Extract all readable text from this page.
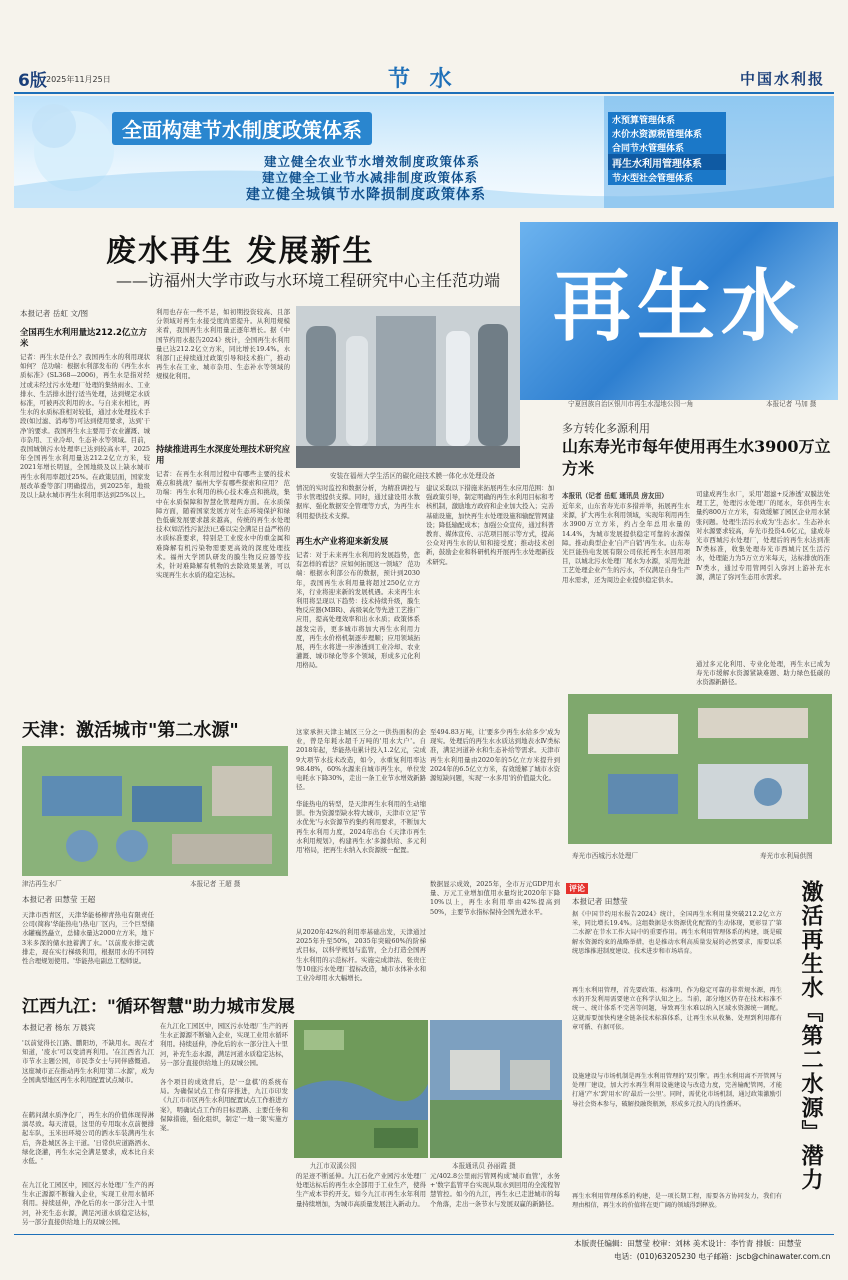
6版 2025年11月25日	节 水	中国水利报
全面构建节水制度政策体系
建立健全农业节水增效制度政策体系
建立健全工业节水减排制度政策体系
建立健全城镇节水降损制度政策体系
水预算管理体系
水价水资源税管理体系
合同节水管理体系
再生水利用管理体系
节水型社会管理体系
废水再生 发展新生
——访福州大学市政与水环境工程研究中心主任范功端 再生水
本报记者 岳虹 文/图
全国再生水利用量达212.2亿立方米
记者：再生水是什么？我国再生水的利用现状如何？ 范功端：根据水利部发布的《再生水水质标准》(SL368—2006)，再生水是指对经过或未经过污水处理厂处理的集纳雨水、工业排水、生活排水进行适当处理，达到规定水质标准，可被再次利用的水。与自来水相比，再生水的水质标准相对较低，通过水处理技术手段(如过滤、消毒等)可达到使用要求，达到'干净'的要求。我国再生水主要用于农业灌溉、城市杂用、工业冷却、生态补水等领域。目前，我国城镇污水处理率已达到较高水平，2025年全国再生水利用量达212.2亿立方米，较2021年增长明显，全国地级及以上缺水城市再生水利用率超过25%。在政策层面，国家发展改革委等部门明确提出，到2025年，地级及以上缺水城市再生水利用率达到25%以上。
利用也存在一些不足，如初期投资较高、且部分领域对再生水接受度尚需提升。从利用规模来看，我国再生水利用量正逐年增长。据《中国节约用水报告2024》统计，全国再生水利用量已达212.2亿立方米，同比增长19.4%。水利部门正持续通过政策引导和技术推广，推动再生水在工业、城市杂用、生态补水等领域的规模化利用。
持续推进再生水深度处理技术研究应用
记者：在再生水利用过程中有哪些主要的技术难点和挑战？福州大学有哪些探索和应用？ 范功端：再生水利用的核心技术难点和挑战，集中在水质保障和智慧化管理两方面。在水质保障方面，随着国家发展方对生态环境保护和绿色低碳发展要求越来越高，传统的再生水处理技术(如活性污泥法)已难以完全满足日益严格的水质标准要求，特别是工业废水中的重金属和难降解有机污染物需要更高效的深度处理技术。福州大学团队研发的膜生物反应器等技术，针对难降解有机物的去除效果显著，可以实现再生水水质的稳定达标。
安装在福州大学生活区的碳化硅技术膜一体化水处理设备
情况的实时监控和数据分析，为精准调控与节水管理提供支撑。同时，通过建设用水数据库、强化数据安全管理等方式，为再生水利用提供技术支撑。
再生水产业将迎来新发展
记者：对于未来再生水利用的发展趋势，您有怎样的看法？应如何拓展这一领域？ 范功端：根据水利部公布的数据，预计到2030年，我国再生水利用量将超过250亿立方米，行业将迎来新的发展机遇。未来再生水利用将呈现以下趋势：技术持续升级，膜生物反应器(MBR)、高级氧化等先进工艺推广应用，提高处理效率和出水水质；政策体系越发完善，更多城市将加大再生水利用力度，再生水价格机制逐步理顺；应用领域拓展，再生水将进一步渗透到工业冷却、农业灌溉、城市绿化等多个领域，形成多元化利用格局。
宁夏回族自治区银川市再生水湿地公园一角	本报记者 马加 摄
多方转化多源利用
山东寿光市每年使用再生水3900万立方米
建议采取以下措施来拓展再生水应用范围：加强政策引导，制定明确的再生水利用目标和考核机制，激励地方政府和企业加大投入；完善基础设施，加快再生水处理设施和输配管网建设；降低输配成本；加强公众宣传，通过科普教育、媒体宣传、示范项目展示等方式，提高公众对再生水的认知和接受度；推动技术创新，鼓励企业和科研机构开展再生水处理新技术研究。
本报讯（记者 岳虹 通讯员 房友田）
近年来，山东省寿光市多措并举，拓展再生水来源，扩大再生水利用领域，实现年利用再生水3900万立方米，约占全年总用水量的14.4%，为城市发展提供稳定可靠的水源保障。推动典型企业'自产自销'再生水。山东寿光巨能热电发展有限公司依托再生水回用项目，以城北污水处理厂尾水为水源，采用先进工艺处理企业产生的污水，不仅满足自身生产用水需求，还为周边企业提供稳定供水。
司建成再生水厂，采用'超滤+反渗透'双膜法处理工艺，处理污水处理厂的尾水，年供再生水量约800万立方米，有效缓解了园区企业用水紧张问题。处理生活污水成为'生态水'。生态补水对水源要求较高，寿光市投资4.6亿元，建成寿光市西城污水处理厂，处理后的再生水达到准Ⅳ类标准，收集处理寿光市西城片区生活污水，处理能力为5万立方米每天，达标排放的准Ⅳ类水，通过专用管网引入弥河上游补充水源，满足了弥河生态用水需求。
通过多元化利用、专业化处理，再生水已成为寿光市缓解水资源紧缺难题、助力绿色低碳的水资源新路径。
天津：激活城市"第二水源"
津沽再生水厂	本报记者 王超 摄
本报记者 田慧莹 王超
天津市西青区，天津华能杨柳青热电有限责任公司(简称'华能热电')热电厂区内，三个巨型储水罐巍然矗立，总储水量达2000立方米，地下3米多深的储水池蓄满了水。'以前废水排完就排走，现在实行梯级利用，根据用水的不同特性合理规划使用。'华能热电副总工程师说。
这家承担天津主城区三分之一供热面积的企业，曾是年耗水超千万吨的'用水大户'。自2018年起，华能热电累计投入1.2亿元，完成9大项节水技术改造，如今，水重复利用率达98.48%，60%水源来自城市再生水，单位发电耗水下降30%，走出一条工业节水增效新路径。
华能热电的转型，是天津再生水利用的生动缩影。作为资源型缺水特大城市，天津市立足'节水优先'与水资源节约集约利用要求，不断加大再生水利用力度，2024年出台《天津市再生水利用规划》，构建再生水'多源供给、多元利用'格局，把再生水纳入水资源统一配置。
从2020年42%的利用率基础出发，天津通过2025年升至50%，2035年突破60%的阶梯式目标，以科学规划与监管，全力打造全国再生水利用的示范标杆。实施完成津沽、张贵庄等10座污水处理厂提标改造，城市水体补水和工业冷却用水大幅增长。
至494.83万吨，让'要多少再生水给多少'成为现实。处理后的再生水水质达到地表水Ⅳ类标准，满足河道补水和生态补给等需求。天津市再生水利用量由2020年的5亿立方米提升到2024年的6.5亿立方米，有效缓解了城市水资源短缺问题，实现'一水多用'的价值最大化。
数据显示成效，2025年，全市万元GDP用水量、万元工业增加值用水量均比2020年下降10%以上，再生水利用率由42%提高到50%，主要节水指标保持全国先进水平。
寿光市西城污水处理厂	寿光市水利局供图
江西九江："循环智慧"助力城市发展
本报记者 杨东 万晨宾
'以前觉得长江路、鹏阳坊，不缺用水。现在才知道，'废水'可以变清再利用。'在江西省九江市节水主题公园，市民李女士与同伴感慨道。这座城市正在推动再生水利用'第二水源'，成为全国典型地区再生水利用配置试点城市。
在鹤问湖水质净化厂，再生水的价值体现得淋漓尽致。每天清晨，这里的专用取水点前便排起车队，玉米田环境公司的洒水车装满再生水后，奔赴城区各主干道。'日常供应道路洒水、绿化浇灌，再生水完全满足要求，成本比自来水低。'
在九江化工园区中，园区污水处理厂生产的再生水正源源不断输入企业，实现工业用水循环利用。持续延伸，净化后的水一部分注入十里河，补充生态水源，满足河道水质稳定达标，另一部分直接供给地上的双城公园。
在九江化工园区中，园区污水处理厂生产的再生水正源源不断输入企业，实现工业用水循环利用。持续延伸，净化后的水一部分注入十里河，补充生态水源，满足河道水质稳定达标，另一部分直接供给地上的双城公园。
各个项目的成效背后，是'一盘棋'的系统布局。为确保试点工作有序推进，九江市印发《九江市市区再生水利用配置试点工作推进方案》，明确试点工作的目标思路、主要任务和保障措施，强化组织，制定'一地一策'实施方案。
九江市双溪公园	本报通讯员 孙丽霞 摄
的足迹不断延伸。九江石化产业园污水处理厂处理达标后的再生水全部用于工业生产，使得生产成本节约开支。如今九江市再生水年利用量持续增加，为城市高质量发展注入新动力。
元/402.8公里雨污管网构成'城市血管'，水务+'数字监管平台实现从取水到回用的全流程智慧管控。如今的九江，再生水已走进城市的每个角落，走出一条节水与发展双赢的新路径。
评论
本报记者 田慧莹
据《中国节约用水报告2024》统计，全国再生水利用量突破212.2亿立方米，同比增长19.4%。这组数据是水资源优化配置的生动体现，更彰显了'第二水源'在节水工作大局中的重要作用。再生水利用管理体系的构建，既是破解水资源约束的战略举措，也是推动水利高质量发展的必然要求，需要以系统思维推进制度建设、技术进步和市场培育。
再生水利用管理，首先要政策、标准明、作为稳定可靠的非常规水源，再生水的开发利用需要建立在科学认知之上。当前，部分地区仍存在技术标准不统一、统计体系不完善等问题，导致再生水难以纳入区域水资源统一调配。这就需要加快构建全链条技术标准体系，让再生水从收集、处理到利用都有章可循、有据可依。
设施建设与市场机制是再生水利用管理的'双引擎'。再生水利用离不开管网与处理厂建设，加大污水再生利用设施建设与改造力度，完善输配管网，才能打通'产水'到'用水'的'最后一公里'。同时，需优化市场机制，通过政策激励引导社会资本参与，破解投融资瓶颈，形成多元投入的良性循环。
再生水利用管理体系的构建，是一项长期工程，需要各方协同发力，我们有理由相信，再生水的价值将在更广阔的领域得到释放。
激活再生水『第二水源』潜力
本版责任编辑：田慧莹 校审：刘林 美术设计：李竹青 排版：田慧莹
电话：(010)63205230 电子邮箱：jscb@chinawater.com.cn
